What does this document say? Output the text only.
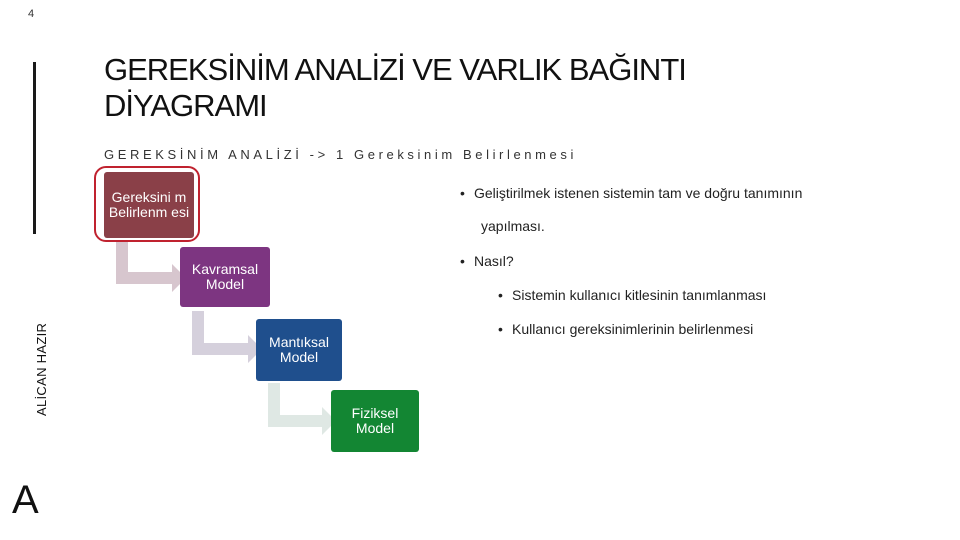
4
ALİCAN HAZIR
A
GEREKSİNİM ANALİZİ VE VARLIK BAĞINTI DİYAGRAMI
GEREKSİNİM ANALİZİ -> 1 Gereksinim Belirlenmesi
Gereksini m Belirlenm esi
Kavramsal Model
Mantıksal Model
Fiziksel Model
• Geliştirilmek istenen sistemin tam ve doğru tanımının
yapılması.
• Nasıl?
• Sistemin kullanıcı kitlesinin tanımlanması
• Kullanıcı gereksinimlerinin belirlenmesi
